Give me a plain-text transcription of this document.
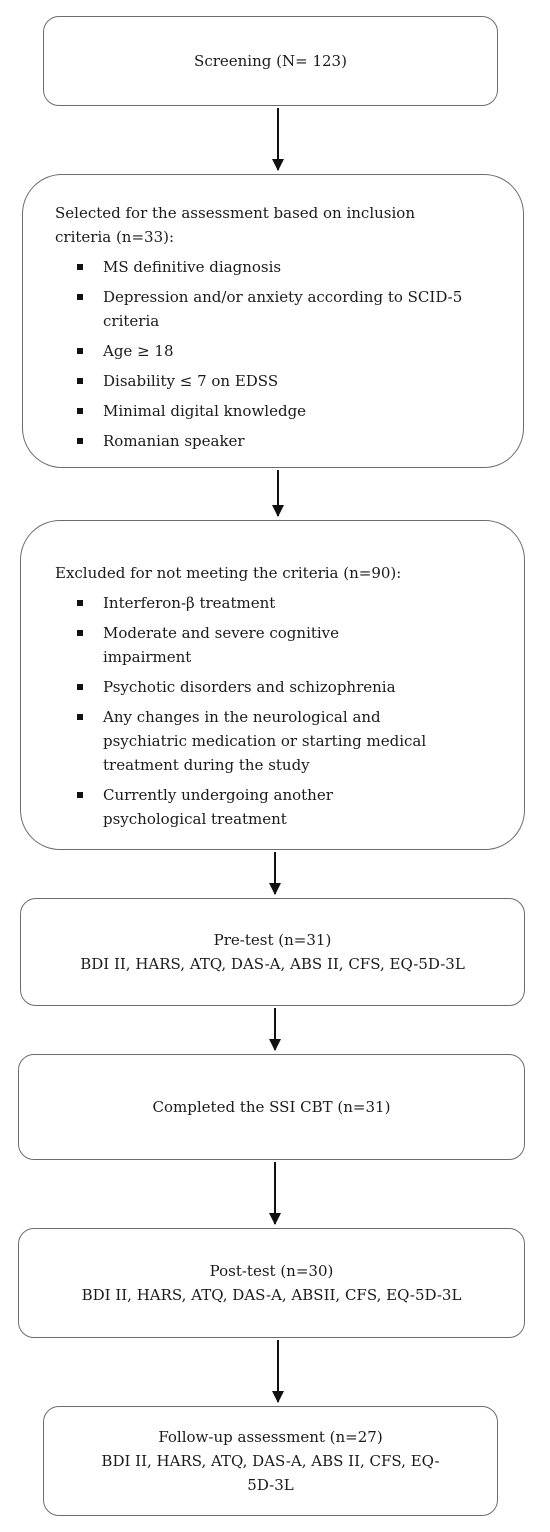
Screening (N= 123)
Selected for the assessment based on inclusion
criteria (n=33):
MS definitive diagnosis
Depression and/or anxiety according to SCID-5 criteria
Age ≥ 18
Disability ≤ 7 on EDSS
Minimal digital knowledge
Romanian speaker
Excluded for not meeting the criteria (n=90):
Interferon-β treatment
Moderate and severe cognitive impairment
Psychotic disorders and schizophrenia
Any changes in the neurological and psychiatric medication or starting medical treatment during the study
Currently undergoing another psychological treatment
Pre-test (n=31)
BDI II, HARS, ATQ, DAS-A, ABS II, CFS, EQ-5D-3L
Completed the SSI CBT (n=31)
Post-test (n=30)
BDI II, HARS, ATQ, DAS-A, ABSII, CFS, EQ-5D-3L
Follow-up assessment (n=27)
BDI II, HARS, ATQ, DAS-A, ABS II, CFS, EQ-
5D-3L
